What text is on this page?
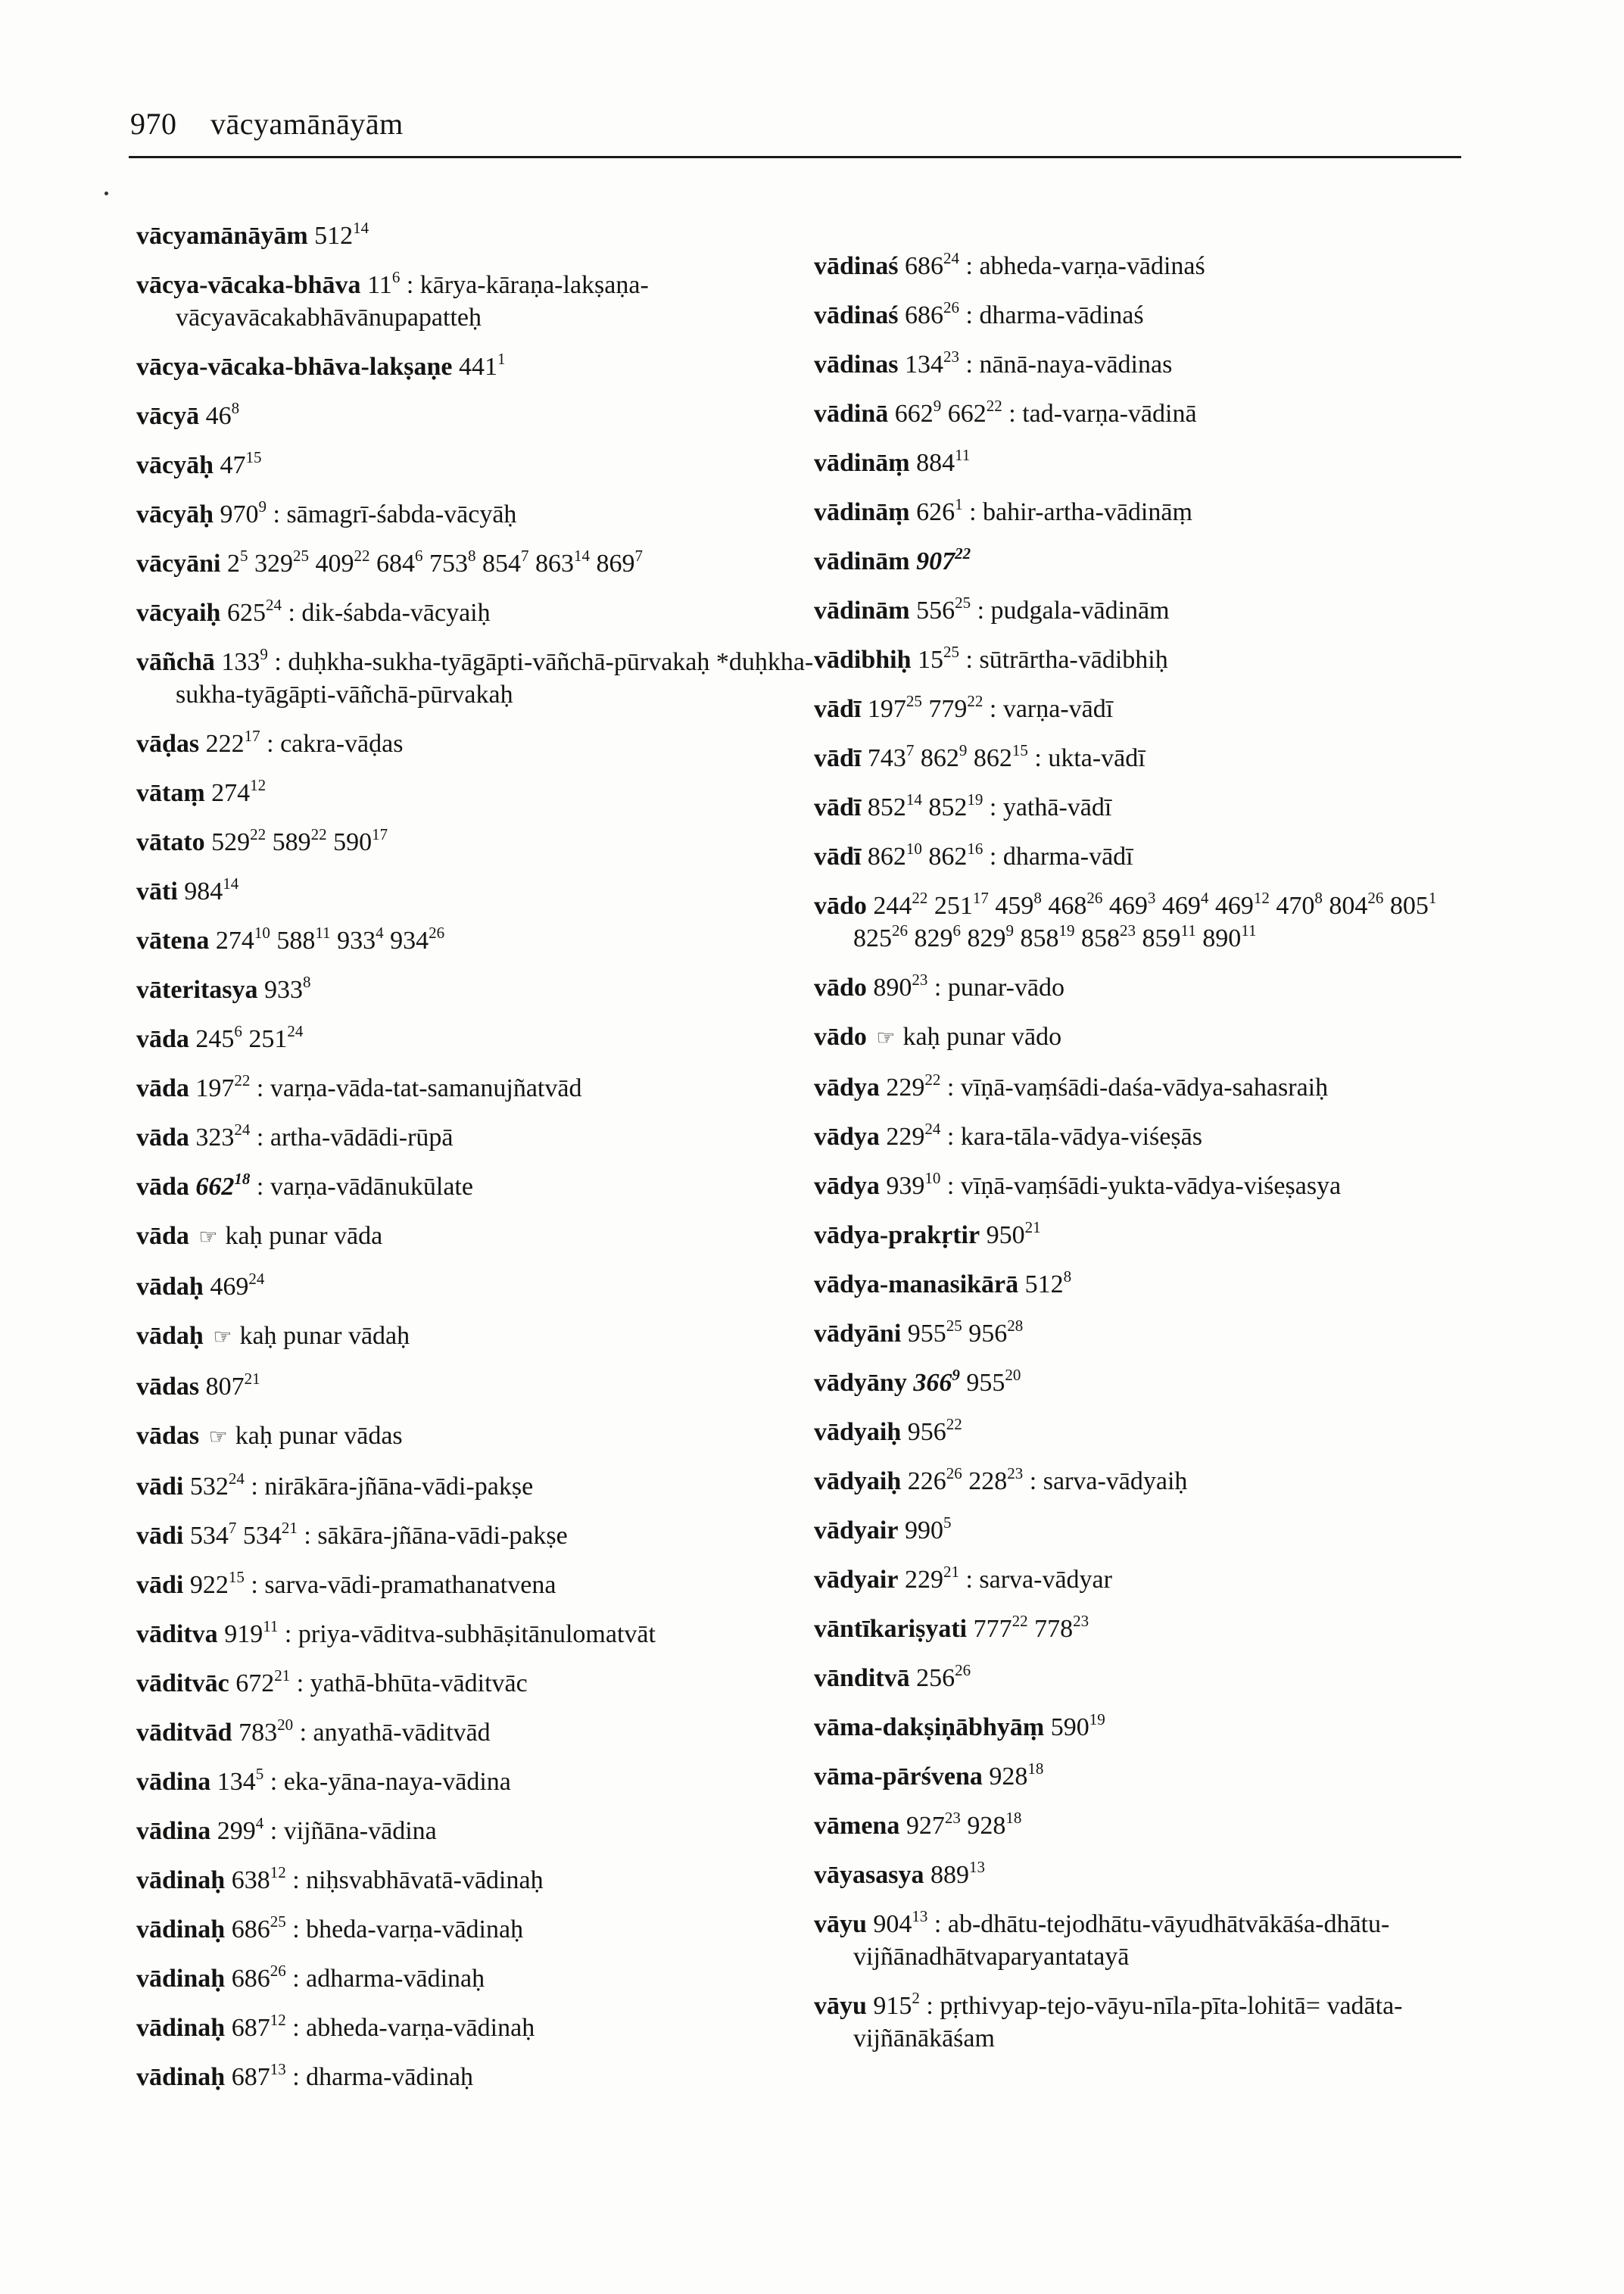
970 vācyamānāyām
vācyamānāyām $512^{14}$
vācya-vācaka-bhāva $11^6$ : kārya-kāraṇa-lakṣaṇa-vācyavācakabhāvānupapatteḥ
vācya-vācaka-bhāva-lakṣaṇe $441^1$
vācyā $46^8$
vācyāḥ $47^{15}$
vācyāḥ $970^9$ : sāmagrī-śabda-vācyāḥ
vācyāni $2^5$ $329^{25}$ $409^{22}$ $684^6$ $753^8$ $854^7$ $863^{14}$ $869^7$
vācyaiḥ $625^{24}$ : dik-śabda-vācyaiḥ
vāñchā $133^9$ : duḥkha-sukha-tyāgāpti-vāñchā-pūrvakaḥ *duḥkha-sukha-tyāgāpti-vāñchā-pūrvakaḥ
vāḍas $222^{17}$ : cakra-vāḍas
vātaṃ $274^{12}$
vātato $529^{22}$ $589^{22}$ $590^{17}$
vāti $984^{14}$
vātena $274^{10}$ $588^{11}$ $933^4$ $934^{26}$
vāteritasya $933^8$
vāda $245^6$ $251^{24}$
vāda $197^{22}$ : varṇa-vāda-tat-samanujñatvād
vāda $323^{24}$ : artha-vādādi-rūpā
vāda $662^{18}$ : varṇa-vādānukūlate
vāda ☞ kaḥ punar vāda
vādaḥ $469^{24}$
vādaḥ ☞ kaḥ punar vādaḥ
vādas $807^{21}$
vādas ☞ kaḥ punar vādas
vādi $532^{24}$ : nirākāra-jñāna-vādi-pakṣe
vādi $534^7$ $534^{21}$ : sākāra-jñāna-vādi-pakṣe
vādi $922^{15}$ : sarva-vādi-pramathanatvena
vāditva $919^{11}$ : priya-vāditva-subhāṣitānulomatvāt
vāditvāc $672^{21}$ : yathā-bhūta-vāditvāc
vāditvād $783^{20}$ : anyathā-vāditvād
vādina $134^5$ : eka-yāna-naya-vādina
vādina $299^4$ : vijñāna-vādina
vādinaḥ $638^{12}$ : niḥsvabhāvatā-vādinaḥ
vādinaḥ $686^{25}$ : bheda-varṇa-vādinaḥ
vādinaḥ $686^{26}$ : adharma-vādinaḥ
vādinaḥ $687^{12}$ : abheda-varṇa-vādinaḥ
vādinaḥ $687^{13}$ : dharma-vādinaḥ
vādinaś $686^{24}$ : abheda-varṇa-vādinaś
vādinaś $686^{26}$ : dharma-vādinaś
vādinas $134^{23}$ : nānā-naya-vādinas
vādinā $662^9$ $662^{22}$ : tad-varṇa-vādinā
vādināṃ $884^{11}$
vādināṃ $626^1$ : bahir-artha-vādināṃ
vādinām $907^{22}$
vādinām $556^{25}$ : pudgala-vādinām
vādibhiḥ $15^{25}$ : sūtrārtha-vādibhiḥ
vādī $197^{25}$ $779^{22}$ : varṇa-vādī
vādī $743^7$ $862^9$ $862^{15}$ : ukta-vādī
vādī $852^{14}$ $852^{19}$ : yathā-vādī
vādī $862^{10}$ $862^{16}$ : dharma-vādī
vādo $244^{22}$ $251^{17}$ $459^8$ $468^{26}$ $469^3$ $469^4$ $469^{12}$ $470^8$ $804^{26}$ $805^1$ $825^{26}$ $829^6$ $829^9$ $858^{19}$ $858^{23}$ $859^{11}$ $890^{11}$
vādo $890^{23}$ : punar-vādo
vādo ☞ kaḥ punar vādo
vādya $229^{22}$ : vīṇā-vaṃśādi-daśa-vādya-sahasraiḥ
vādya $229^{24}$ : kara-tāla-vādya-viśeṣās
vādya $939^{10}$ : vīṇā-vaṃśādi-yukta-vādya-viśeṣasya
vādya-prakṛtir $950^{21}$
vādya-manasikārā $512^8$
vādyāni $955^{25}$ $956^{28}$
vādyāny $366^9$ $955^{20}$
vādyaiḥ $956^{22}$
vādyaiḥ $226^{26}$ $228^{23}$ : sarva-vādyaiḥ
vādyair $990^5$
vādyair $229^{21}$ : sarva-vādyar
vāntīkariṣyati $777^{22}$ $778^{23}$
vānditvā $256^{26}$
vāma-dakṣiṇābhyāṃ $590^{19}$
vāma-pārśvena $928^{18}$
vāmena $927^{23}$ $928^{18}$
vāyasasya $889^{13}$
vāyu $904^{13}$ : ab-dhātu-tejodhātu-vāyudhātvākāśa-dhātu-vijñānadhātvaparyantatayā
vāyu $915^2$ : pṛthivyap-tejo-vāyu-nīla-pīta-lohitā= vadāta-vijñānākāśam
